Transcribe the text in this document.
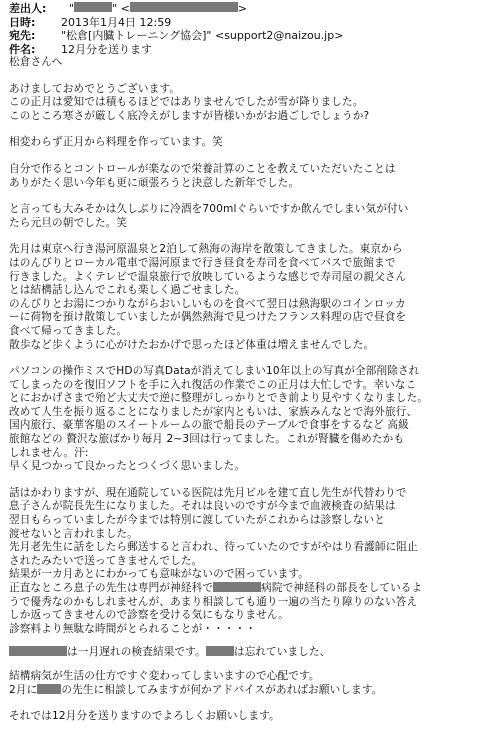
差出人:	"	" <	>
日時:	2013年1月4日 12:59
宛先:	"松倉[内臓トレーニング協会]" <support2@naizou.jp>
件名:	12月分を送ります
松倉さんへ
あけましておめでとうございます。
この正月は愛知では積もるほどではありませんでしたが雪が降りました。
このところ寒さが厳しく底冷えがしますが皆様いかがお過ごしでしょうか?
相変わらず正月から料理を作っています。笑
自分で作るとコントロールが楽なので栄養計算のことを教えていただいたことは
ありがたく思い今年も更に頑張ろうと決意した新年でした。
と言っても大みそかは久しぶりに冷酒を700mlぐらいですか飲んでしまい気が付い
たら元旦の朝でした。笑
先月は東京へ行き湯河原温泉と2泊して熱海の海岸を散策してきました。東京から
はのんびりとローカル電車で湯河原まで行き昼食を寿司を食べてバスで旅館まで
行きました。よくテレビで温泉旅行で放映しているような感じで寿司屋の親父さん
とは結構話し込んでこれも楽しく過ごせました。
のんびりとお湯につかりながらおいしいものを食べて翌日は熱海駅のコインロッカ
ーに荷物を預け散策していましたが偶然熱海で見つけたフランス料理の店で昼食を
食べて帰ってきました。
散歩など歩くように心がけたおかげで思ったほど体重は増えませんでした。
パソコンの操作ミスでHDの写真Dataが消えてしまい10年以上の写真が全部削除され
てしまったのを復旧ソフトを手に入れ復活の作業でこの正月は大忙しです。幸いなこ
とにおかげさまで殆ど大丈夫で逆に整理がしっかりとでき前より見やすくなりました。
改めて人生を振り返ることになりましたが家内ともいは、家族みんなとで海外旅行、
国内旅行、豪華客船のスイートルームの旅で船長のテーブルで食事をするなど 高級
旅館などの 贅沢な旅ばかり毎月 2~3回は行ってました。これが腎臓を傷めたかも
しれません。汗:
早く見つかって良かったとつくづく思いました。
話はかわりますが、現在通院している医院は先月ビルを建て直し先生が代替わりで
息子さんが院長先生になりました。それは良いのですが今まで血液検査の結果は
翌日もらっていましたが今までは特別に渡していたがこれからは診察しないと
渡せないと言われました。
先月老先生に話をしたら郵送すると言われ、待っていたのですがやはり看護師に阻止
されたみたいで送ってきませんでした。
結果が一カ月あとにわかっても意味がないので困っています。
正直なところ息子の先生は専門が神経科で	病院で神経科の部長をしているよ
うで優秀なのかもしれませんが、あまり相談しても通り一遍の当たり障りのない答え
しか返ってきませんので診察を受ける気にもなりません。
診察料より無駄な時間がとられることが・・・・・
は一月遅れの検査結果です。	は忘れていました、
結構病気が生活の仕方ですぐ変わってしまいますので心配です。
2月に の先生に相談してみますが何かアドバイスがあればお願いします。
それでは12月分を送りますのでよろしくお願いします。
